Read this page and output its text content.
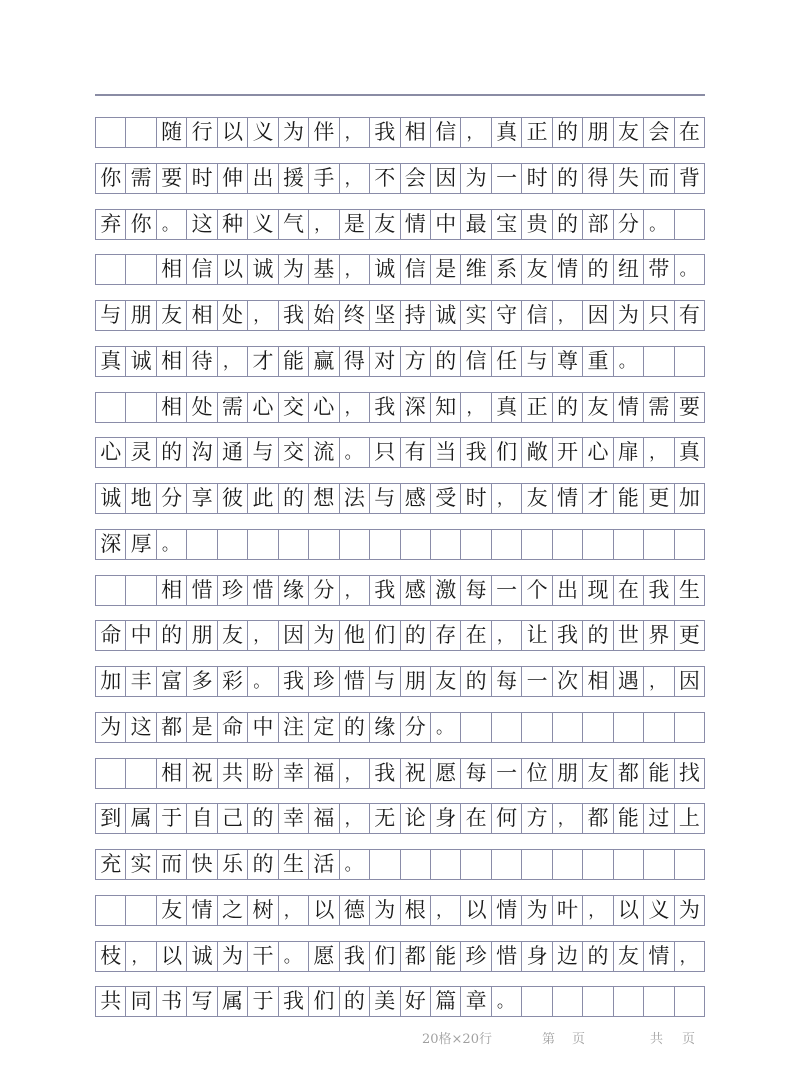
随 行 以 义 为 伴 ， 我 相 信 ， 真 正 的 朋 友 会 在
你 需 要 时 伸 出 援 手 ， 不 会 因 为 一 时 的 得 失 而 背
弃 你 。 这 种 义 气 ， 是 友 情 中 最 宝 贵 的 部 分 。
相 信 以 诚 为 基 ， 诚 信 是 维 系 友 情 的 纽 带 。
与 朋 友 相 处 ， 我 始 终 坚 持 诚 实 守 信 ， 因 为 只 有
真 诚 相 待 ， 才 能 赢 得 对 方 的 信 任 与 尊 重 。
相 处 需 心 交 心 ， 我 深 知 ， 真 正 的 友 情 需 要
心 灵 的 沟 通 与 交 流 。 只 有 当 我 们 敞 开 心 扉 ， 真
诚 地 分 享 彼 此 的 想 法 与 感 受 时 ， 友 情 才 能 更 加
深 厚 。
相 惜 珍 惜 缘 分 ， 我 感 激 每 一 个 出 现 在 我 生
命 中 的 朋 友 ， 因 为 他 们 的 存 在 ， 让 我 的 世 界 更
加 丰 富 多 彩 。 我 珍 惜 与 朋 友 的 每 一 次 相 遇 ， 因
为 这 都 是 命 中 注 定 的 缘 分 。
相 祝 共 盼 幸 福 ， 我 祝 愿 每 一 位 朋 友 都 能 找
到 属 于 自 己 的 幸 福 ， 无 论 身 在 何 方 ， 都 能 过 上
充 实 而 快 乐 的 生 活 。
友 情 之 树 ， 以 德 为 根 ， 以 情 为 叶 ， 以 义 为
枝 ， 以 诚 为 干 。 愿 我 们 都 能 珍 惜 身 边 的 友 情 ，
共 同 书 写 属 于 我 们 的 美 好 篇 章 。
20格×20行	第 页	共 页
